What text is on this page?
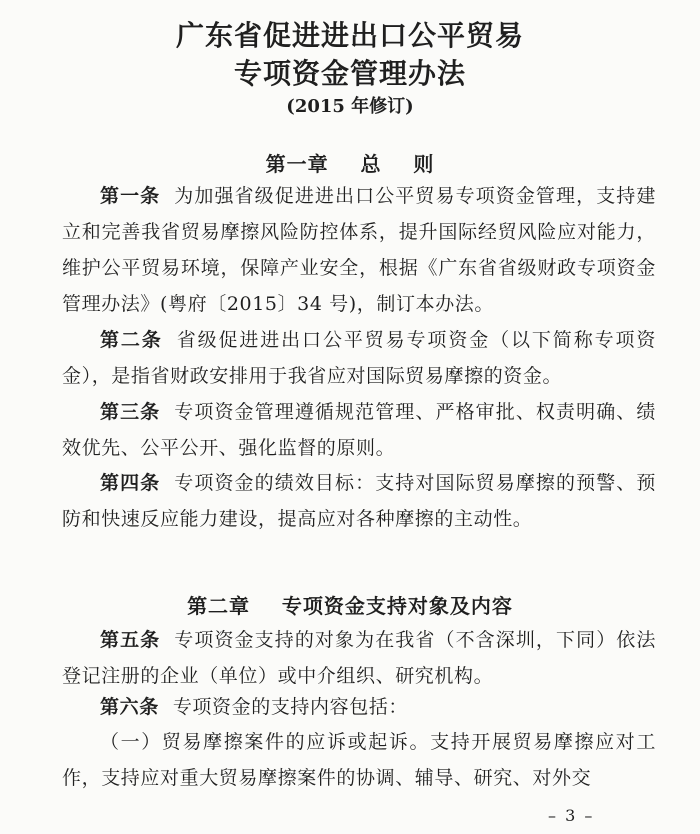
广东省促进进出口公平贸易
专项资金管理办法
(2015 年修订)
第一章    总    则
第一条 为加强省级促进进出口公平贸易专项资金管理，支持建立和完善我省贸易摩擦风险防控体系，提升国际经贸风险应对能力，维护公平贸易环境，保障产业安全，根据《广东省省级财政专项资金管理办法》(粤府〔2015〕34 号)，制订本办法。
第二条 省级促进进出口公平贸易专项资金（以下简称专项资金），是指省财政安排用于我省应对国际贸易摩擦的资金。
第三条 专项资金管理遵循规范管理、严格审批、权责明确、绩效优先、公平公开、强化监督的原则。
第四条 专项资金的绩效目标：支持对国际贸易摩擦的预警、预防和快速反应能力建设，提高应对各种摩擦的主动性。
第二章    专项资金支持对象及内容
第五条 专项资金支持的对象为在我省（不含深圳，下同）依法登记注册的企业（单位）或中介组织、研究机构。
第六条 专项资金的支持内容包括：
（一）贸易摩擦案件的应诉或起诉。支持开展贸易摩擦应对工作，支持应对重大贸易摩擦案件的协调、辅导、研究、对外交
– 3 –
